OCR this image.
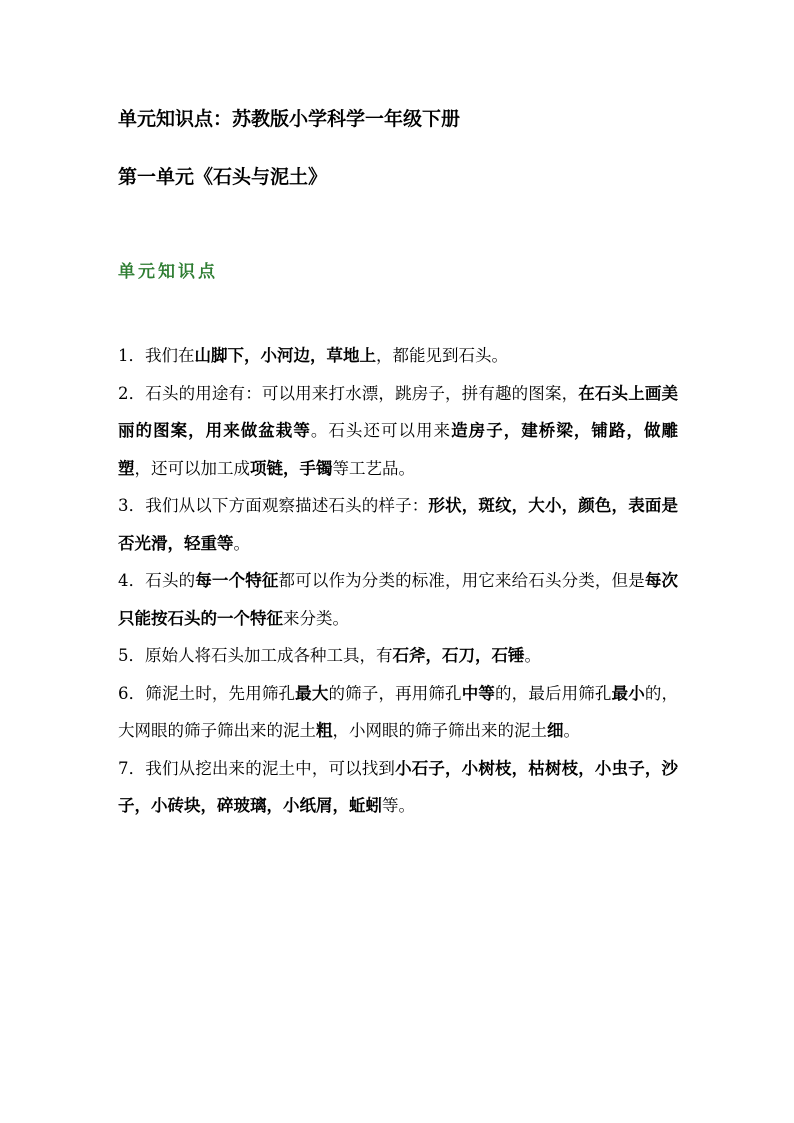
单元知识点：苏教版小学科学一年级下册
第一单元《石头与泥土》
单元知识点
1．我们在山脚下，小河边，草地上，都能见到石头。
2．石头的用途有：可以用来打水漂，跳房子，拼有趣的图案，在石头上画美丽的图案，用来做盆栽等。石头还可以用来造房子，建桥梁，铺路，做雕塑，还可以加工成项链，手镯等工艺品。
3．我们从以下方面观察描述石头的样子：形状，斑纹，大小，颜色，表面是否光滑，轻重等。
4．石头的每一个特征都可以作为分类的标准，用它来给石头分类，但是每次只能按石头的一个特征来分类。
5．原始人将石头加工成各种工具，有石斧，石刀，石锤。
6．筛泥土时，先用筛孔最大的筛子，再用筛孔中等的，最后用筛孔最小的，大网眼的筛子筛出来的泥土粗，小网眼的筛子筛出来的泥土细。
7．我们从挖出来的泥土中，可以找到小石子，小树枝，枯树枝，小虫子，沙子，小砖块，碎玻璃，小纸屑，蚯蚓等。
